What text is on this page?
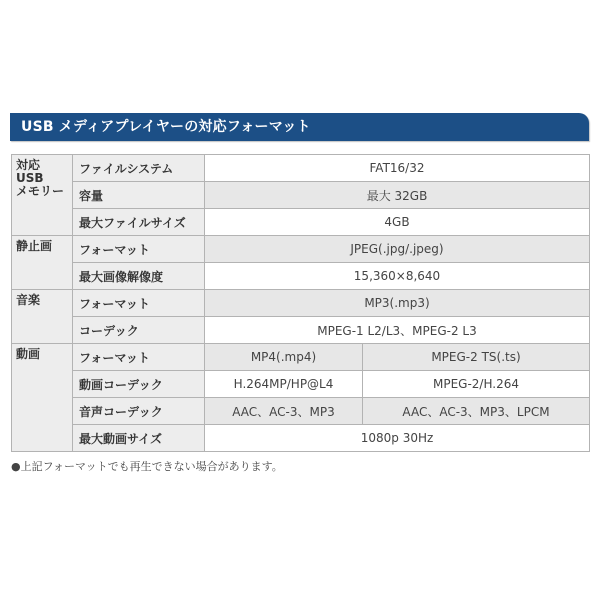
USB メディアプレイヤーの対応フォーマット
対応
USB
メモリー	ファイルシステム	FAT16/32	
	容量	最大 32GB	
	最大ファイルサイズ	4GB	
静止画	フォーマット	JPEG(.jpg/.jpeg)	
	最大画像解像度	15,360×8,640	
音楽	フォーマット	MP3(.mp3)	
	コーデック	MPEG-1 L2/L3、MPEG-2 L3	
動画	フォーマット	MP4(.mp4)	MPEG-2 TS(.ts)
	動画コーデック	H.264MP/HP@L4	MPEG-2/H.264
	音声コーデック	AAC、AC-3、MP3	AAC、AC-3、MP3、LPCM
	最大動画サイズ	1080p 30Hz	
●上記フォーマットでも再生できない場合があります。
